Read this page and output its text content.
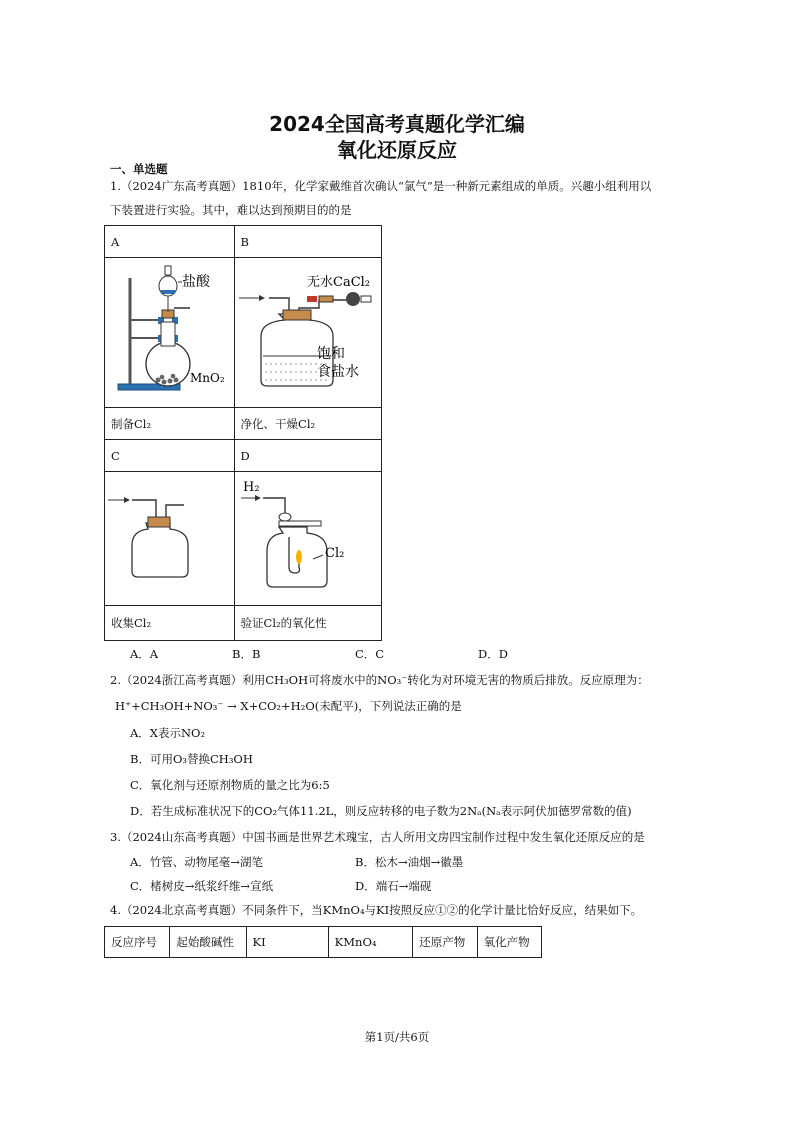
2024全国高考真题化学汇编
氧化还原反应
一、单选题
1.（2024广东高考真题）1810年，化学家戴维首次确认“氯气”是一种新元素组成的单质。兴趣小组利用以
下装置进行实验。其中，难以达到预期目的的是
A	B

制备Cl₂	净化、干燥Cl₂
C	D

收集Cl₂	验证Cl₂的氧化性
盐酸
MnO₂
无水CaCl₂
饱和
食盐水
H₂
Cl₂
A．A	B．B	C．C	D．D
2.（2024浙江高考真题）利用CH₃OH可将废水中的NO₃⁻转化为对环境无害的物质后排放。反应原理为：
H⁺+CH₃OH+NO₃⁻ → X+CO₂+H₂O(未配平)，下列说法正确的是
A．X表示NO₂
B．可用O₃替换CH₃OH
C．氧化剂与还原剂物质的量之比为6:5
D．若生成标准状况下的CO₂气体11.2L，则反应转移的电子数为2Nₐ(Nₐ表示阿伏加德罗常数的值)
3.（2024山东高考真题）中国书画是世界艺术瑰宝，古人所用文房四宝制作过程中发生氧化还原反应的是
A．竹管、动物尾毫→湖笔	B．松木→油烟→徽墨
C．楮树皮→纸浆纤维→宣纸	D．端石→端砚
4.（2024北京高考真题）不同条件下，当KMnO₄与KI按照反应①②的化学计量比恰好反应，结果如下。
反应序号	起始酸碱性	KI	KMnO₄	还原产物	氧化产物
第1页/共6页
